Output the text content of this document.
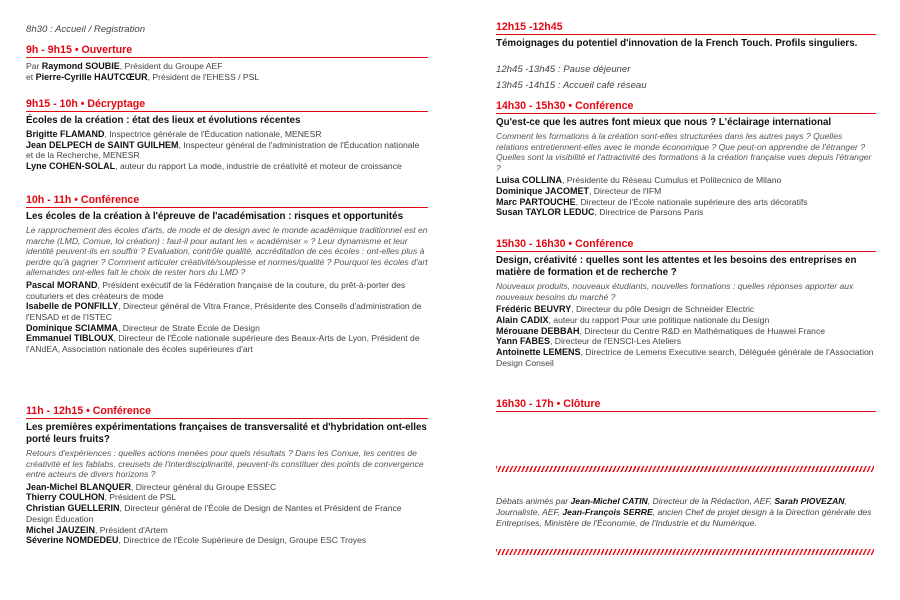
8h30 : Accueil / Registration
9h - 9h15 • Ouverture
Par Raymond SOUBIE, Président du Groupe AEF
et Pierre-Cyrille HAUTCŒUR, Président de l'EHESS / PSL
9h15 - 10h • Décryptage
Écoles de la création : état des lieux et évolutions récentes
Brigitte FLAMAND, Inspectrice générale de l'Éducation nationale, MENESR
Jean DELPECH de SAINT GUILHEM, Inspecteur général de l'administration de l'Éducation nationale et de la Recherche, MENESR
Lyne COHEN-SOLAL, auteur du rapport La mode, industrie de créativité et moteur de croissance
10h - 11h • Conférence
Les écoles de la création à l'épreuve de l'académisation : risques et opportunités
Le rapprochement des écoles d'arts, de mode et de design avec le monde académique traditionnel est en marche (LMD, Comue, loi création) : faut-il pour autant les « académiser » ? Leur dynamisme et leur identité peuvent-ils en souffrir ? Evaluation, contrôle qualité, accréditation de ces écoles : ont-elles plus à perdre qu'à gagner ? Comment articuler créativité/souplesse et normes/qualité ? Pourquoi les écoles d'art allemandes ont-elles fait le choix de rester hors du LMD ?
Pascal MORAND, Président exécutif de la Fédération française de la couture, du prêt-à-porter des couturiers et des créateurs de mode
Isabelle de PONFILLY, Directeur général de Vitra France, Présidente des Conseils d'administration de l'ENSAD et de l'ISTEC
Dominique SCIAMMA, Directeur de Strate École de Design
Emmanuel TIBLOUX, Directeur de l'École nationale supérieure des Beaux-Arts de Lyon, Président de l'ANdEA, Association nationale des écoles supérieures d'art
11h - 12h15 • Conférence
Les premières expérimentations françaises de transversalité et d'hybridation ont-elles porté leurs fruits?
Retours d'expériences : quelles actions menées pour quels résultats ? Dans les Comue, les centres de créativité et les fablabs, creusets de l'interdisciplinarité, peuvent-ils constituer des points de convergence entre acteurs de divers horizons ?
Jean-Michel BLANQUER, Directeur général du Groupe ESSEC
Thierry COULHON, Président de PSL
Christian GUELLERIN, Directeur général de l'École de Design de Nantes et Président de France Design Éducation
Michel JAUZEIN, Président d'Artem
Séverine NOMDEDEU, Directrice de l'École Supérieure de Design, Groupe ESC Troyes
12h15 -12h45
Témoignages du potentiel d'innovation de la French Touch. Profils singuliers.
12h45 -13h45 : Pause déjeuner
13h45 -14h15 : Accueil café réseau
14h30 - 15h30 • Conférence
Qu'est-ce que les autres font mieux que nous ? L'éclairage international
Comment les formations à la création sont-elles structurées dans les autres pays ? Quelles relations entretiennent-elles avec le monde économique ? Que peut-on apprendre de l'étranger ? Quelles sont la visibilité et l'attractivité des formations à la création française vues depuis l'étranger ?
Luisa COLLINA, Présidente du Réseau Cumulus et Politecnico de Milano
Dominique JACOMET, Directeur de l'IFM
Marc PARTOUCHE, Directeur de l'École nationale supérieure des arts décoratifs
Susan TAYLOR LEDUC, Directrice de Parsons Paris
15h30 - 16h30 • Conférence
Design, créativité : quelles sont les attentes et les besoins des entreprises en matière de formation et de recherche ?
Nouveaux produits, nouveaux étudiants, nouvelles formations : quelles réponses apporter aux nouveaux besoins du marché ?
Frédéric BEUVRY, Directeur du pôle Design de Schneider Electric
Alain CADIX, auteur du rapport Pour une politique nationale du Design
Mérouane DEBBAH, Directeur du Centre R&D en Mathématiques de Huawei France
Yann FABES, Directeur de l'ENSCI-Les Ateliers
Antoinette LEMENS, Directrice de Lemens Executive search, Déléguée générale de l'Association Design Conseil
16h30 - 17h • Clôture
Débats animés par Jean-Michel CATIN, Directeur de la Rédaction, AEF, Sarah PIOVEZAN, Journaliste, AEF, Jean-François SERRE, ancien Chef de projet design à la Direction générale des Entreprises, Ministère de l'Économie, de l'Industrie et du Numérique.
